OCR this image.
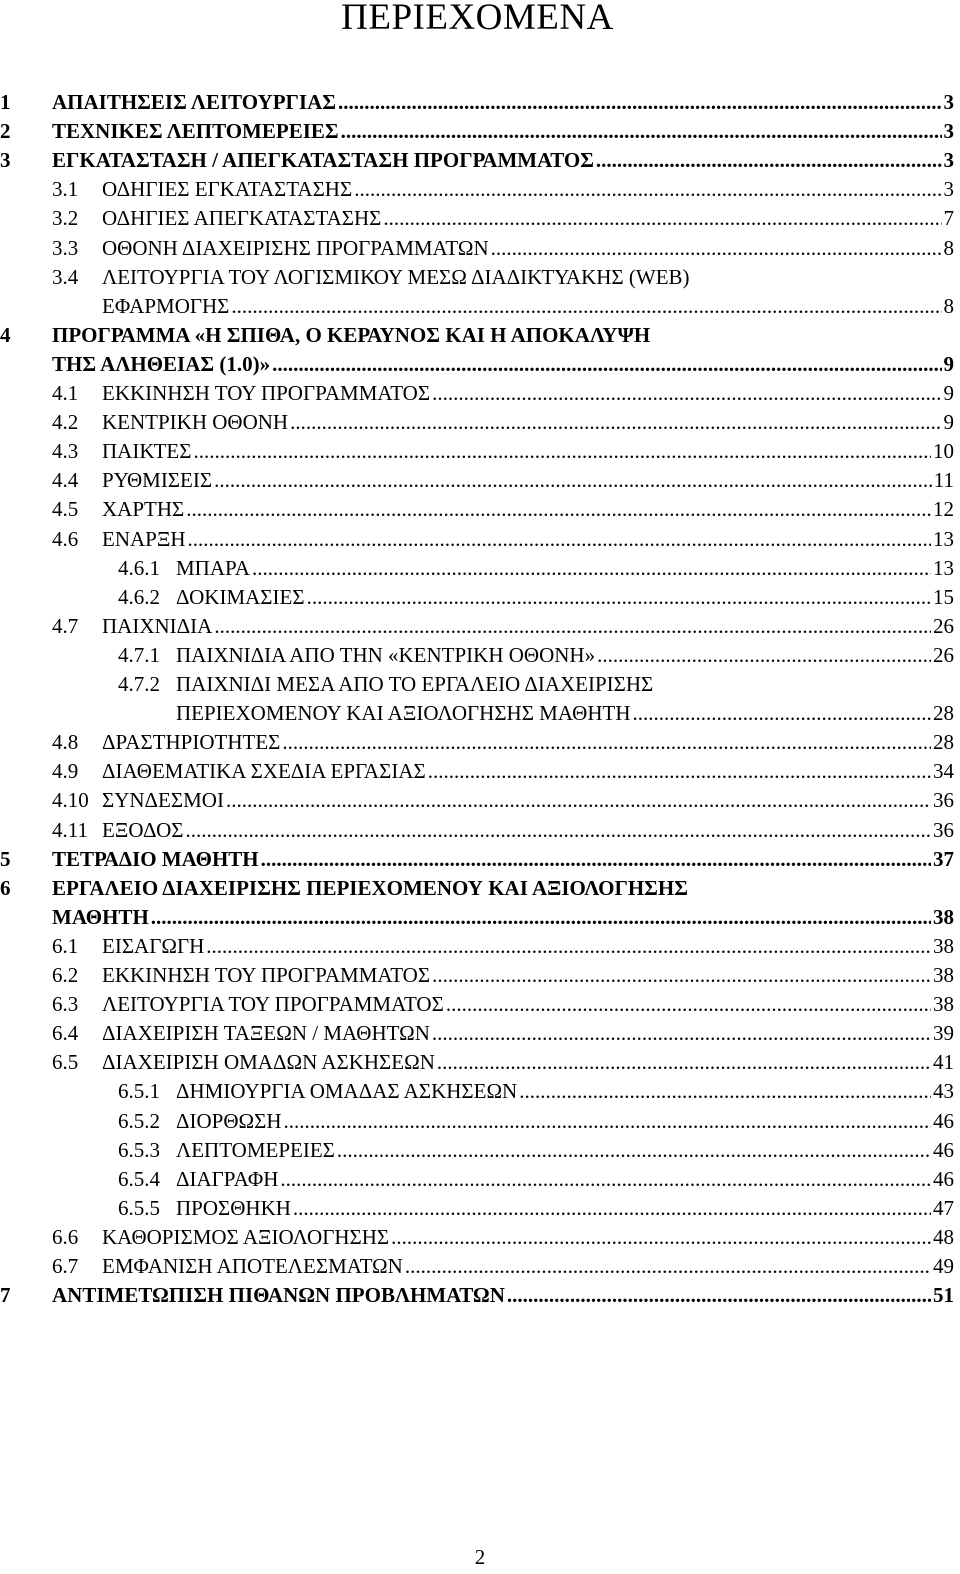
ΠΕΡΙΕΧΟΜΕΝΑ
1 ΑΠΑΙΤΗΣΕΙΣ ΛΕΙΤΟΥΡΓΙΑΣ .....	3
2 ΤΕΧΝΙΚΕΣ ΛΕΠΤΟΜΕΡΕΙΕΣ .....	3
3 ΕΓΚΑΤΑΣΤΑΣΗ / ΑΠΕΓΚΑΤΑΣΤΑΣΗ ΠΡΟΓΡΑΜΜΑΤΟΣ .....	3
3.1 ΟΔΗΓΙΕΣ ΕΓΚΑΤΑΣΤΑΣΗΣ .....	3
3.2 ΟΔΗΓΙΕΣ ΑΠΕΓΚΑΤΑΣΤΑΣΗΣ .....	7
3.3 ΟΘΟΝΗ ΔΙΑΧΕΙΡΙΣΗΣ ΠΡΟΓΡΑΜΜΑΤΩΝ .....	8
3.4 ΛΕΙΤΟΥΡΓΙΑ ΤΟΥ ΛΟΓΙΣΜΙΚΟΥ ΜΕΣΩ ΔΙΑΔΙΚΤΥΑΚΗΣ (WEB)
ΕΦΑΡΜΟΓΗΣ .....	8
4 ΠΡΟΓΡΑΜΜΑ «Η ΣΠΙΘΑ, Ο ΚΕΡΑΥΝΟΣ ΚΑΙ Η ΑΠΟΚΑΛΥΨΗ
ΤΗΣ ΑΛΗΘΕΙΑΣ (1.0)» .....	9
4.1 ΕΚΚΙΝΗΣΗ ΤΟΥ ΠΡΟΓΡΑΜΜΑΤΟΣ .....	9
4.2 ΚΕΝΤΡΙΚΗ ΟΘΟΝΗ .....	9
4.3 ΠΑΙΚΤΕΣ .....	10
4.4 ΡΥΘΜΙΣΕΙΣ .....	11
4.5 ΧΑΡΤΗΣ .....	12
4.6 ΕΝΑΡΞΗ .....	13
4.6.1 ΜΠΑΡΑ .....	13
4.6.2 ΔΟΚΙΜΑΣΙΕΣ .....	15
4.7 ΠΑΙΧΝΙΔΙΑ .....	26
4.7.1 ΠΑΙΧΝΙΔΙΑ ΑΠΟ ΤΗΝ «ΚΕΝΤΡΙΚΗ ΟΘΟΝΗ» .....	26
4.7.2 ΠΑΙΧΝΙΔΙ ΜΕΣΑ ΑΠΟ ΤΟ ΕΡΓΑΛΕΙΟ ΔΙΑΧΕΙΡΙΣΗΣ
ΠΕΡΙΕΧΟΜΕΝΟΥ ΚΑΙ ΑΞΙΟΛΟΓΗΣΗΣ ΜΑΘΗΤΗ .....	28
4.8 ΔΡΑΣΤΗΡΙΟΤΗΤΕΣ .....	28
4.9 ΔΙΑΘΕΜΑΤΙΚΑ ΣΧΕΔΙΑ ΕΡΓΑΣΙΑΣ .....	34
4.10 ΣΥΝΔΕΣΜΟΙ .....	36
4.11 ΕΞΟΔΟΣ .....	36
5 ΤΕΤΡΑΔΙΟ ΜΑΘΗΤΗ .....	37
6 ΕΡΓΑΛΕΙΟ ΔΙΑΧΕΙΡΙΣΗΣ ΠΕΡΙΕΧΟΜΕΝΟΥ ΚΑΙ ΑΞΙΟΛΟΓΗΣΗΣ
ΜΑΘΗΤΗ .....	38
6.1 ΕΙΣΑΓΩΓΗ .....	38
6.2 ΕΚΚΙΝΗΣΗ ΤΟΥ ΠΡΟΓΡΑΜΜΑΤΟΣ .....	38
6.3 ΛΕΙΤΟΥΡΓΙΑ ΤΟΥ ΠΡΟΓΡΑΜΜΑΤΟΣ .....	38
6.4 ΔΙΑΧΕΙΡΙΣΗ ΤΑΞΕΩΝ / ΜΑΘΗΤΩΝ .....	39
6.5 ΔΙΑΧΕΙΡΙΣΗ ΟΜΑΔΩΝ ΑΣΚΗΣΕΩΝ .....	41
6.5.1 ΔΗΜΙΟΥΡΓΙΑ ΟΜΑΔΑΣ ΑΣΚΗΣΕΩΝ .....	43
6.5.2 ΔΙΟΡΘΩΣΗ .....	46
6.5.3 ΛΕΠΤΟΜΕΡΕΙΕΣ .....	46
6.5.4 ΔΙΑΓΡΑΦΗ .....	46
6.5.5 ΠΡΟΣΘΗΚΗ .....	47
6.6 ΚΑΘΟΡΙΣΜΟΣ ΑΞΙΟΛΟΓΗΣΗΣ .....	48
6.7 ΕΜΦΑΝΙΣΗ ΑΠΟΤΕΛΕΣΜΑΤΩΝ .....	49
7 ΑΝΤΙΜΕΤΩΠΙΣΗ ΠΙΘΑΝΩΝ ΠΡΟΒΛΗΜΑΤΩΝ .....	51
2
